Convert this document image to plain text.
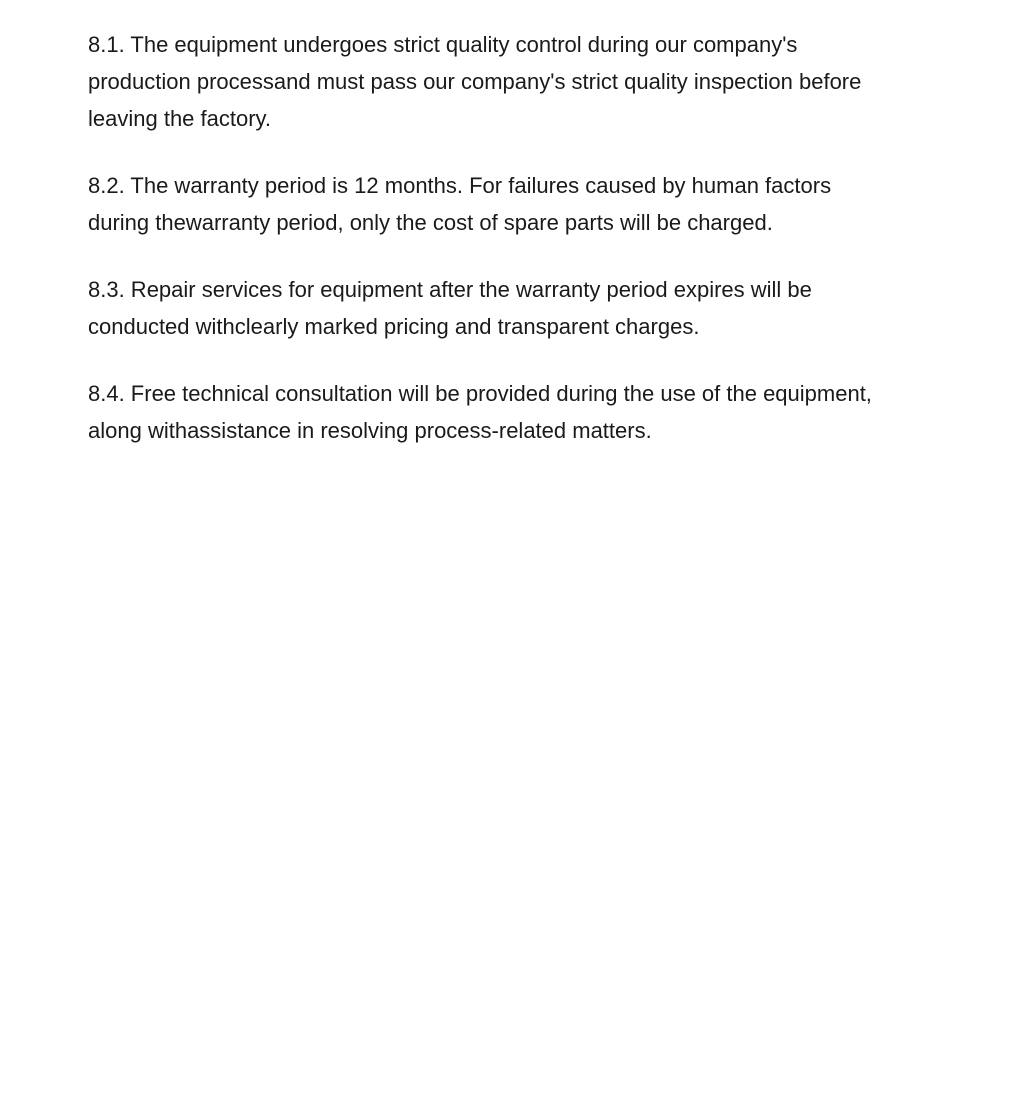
8.1. The equipment undergoes strict quality control during our company's
production processand must pass our company's strict quality inspection before
leaving the factory.
8.2. The warranty period is 12 months. For failures caused by human factors
during thewarranty period, only the cost of spare parts will be charged.
8.3. Repair services for equipment after the warranty period expires will be
conducted withclearly marked pricing and transparent charges.
8.4. Free technical consultation will be provided during the use of the equipment,
along withassistance in resolving process-related matters.
